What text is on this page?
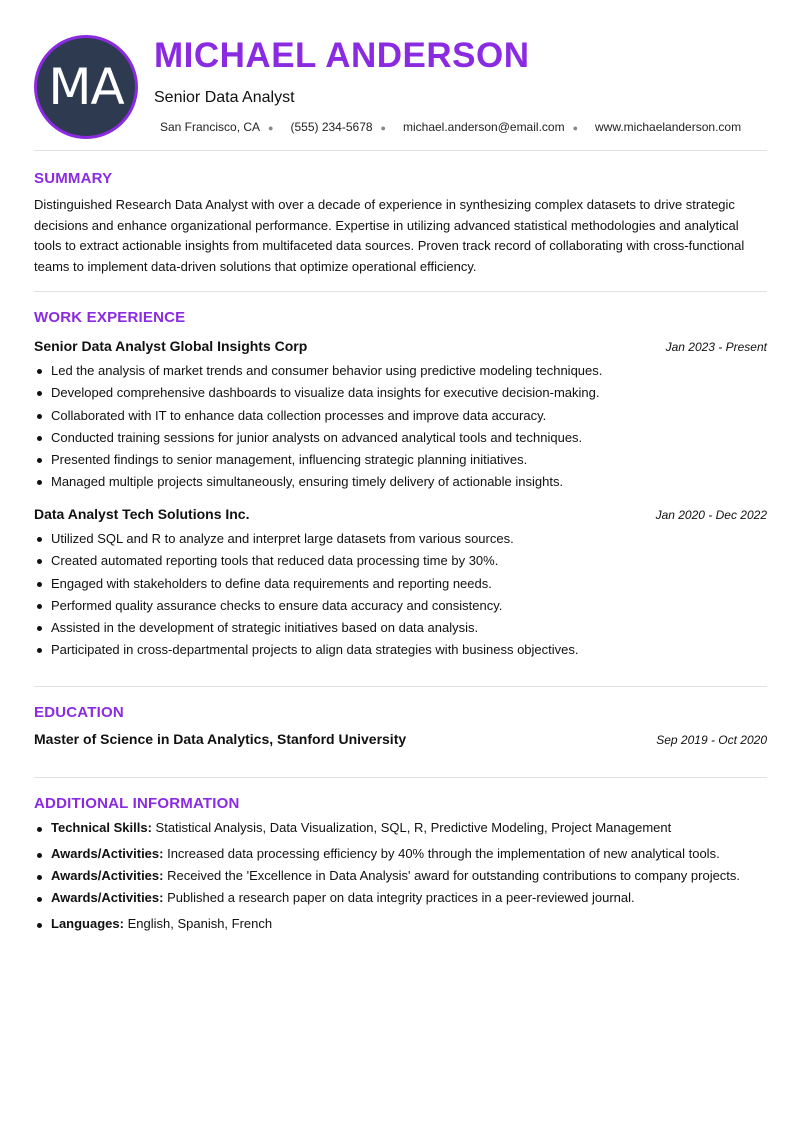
MA
MICHAEL ANDERSON
Senior Data Analyst
San Francisco, CA ● (555) 234-5678 ● michael.anderson@email.com ● www.michaelanderson.com
SUMMARY

Distinguished Research Data Analyst with over a decade of experience in synthesizing complex datasets to drive strategic decisions and enhance organizational performance. Expertise in utilizing advanced statistical methodologies and analytical tools to extract actionable insights from multifaceted data sources. Proven track record of collaborating with cross-functional teams to implement data-driven solutions that optimize operational efficiency.

WORK EXPERIENCE
Senior Data Analyst Global Insights Corp	Jan 2023 - Present
Led the analysis of market trends and consumer behavior using predictive modeling techniques.
Developed comprehensive dashboards to visualize data insights for executive decision-making.
Collaborated with IT to enhance data collection processes and improve data accuracy.
Conducted training sessions for junior analysts on advanced analytical tools and techniques.
Presented findings to senior management, influencing strategic planning initiatives.
Managed multiple projects simultaneously, ensuring timely delivery of actionable insights.
Data Analyst Tech Solutions Inc.	Jan 2020 - Dec 2022
Utilized SQL and R to analyze and interpret large datasets from various sources.
Created automated reporting tools that reduced data processing time by 30%.
Engaged with stakeholders to define data requirements and reporting needs.
Performed quality assurance checks to ensure data accuracy and consistency.
Assisted in the development of strategic initiatives based on data analysis.
Participated in cross-departmental projects to align data strategies with business objectives.
EDUCATION
Master of Science in Data Analytics, Stanford University	Sep 2019 - Oct 2020
ADDITIONAL INFORMATION
Technical Skills: Statistical Analysis, Data Visualization, SQL, R, Predictive Modeling, Project Management
Awards/Activities: Increased data processing efficiency by 40% through the implementation of new analytical tools.
Awards/Activities: Received the 'Excellence in Data Analysis' award for outstanding contributions to company projects.
Awards/Activities: Published a research paper on data integrity practices in a peer-reviewed journal.
Languages: English, Spanish, French
